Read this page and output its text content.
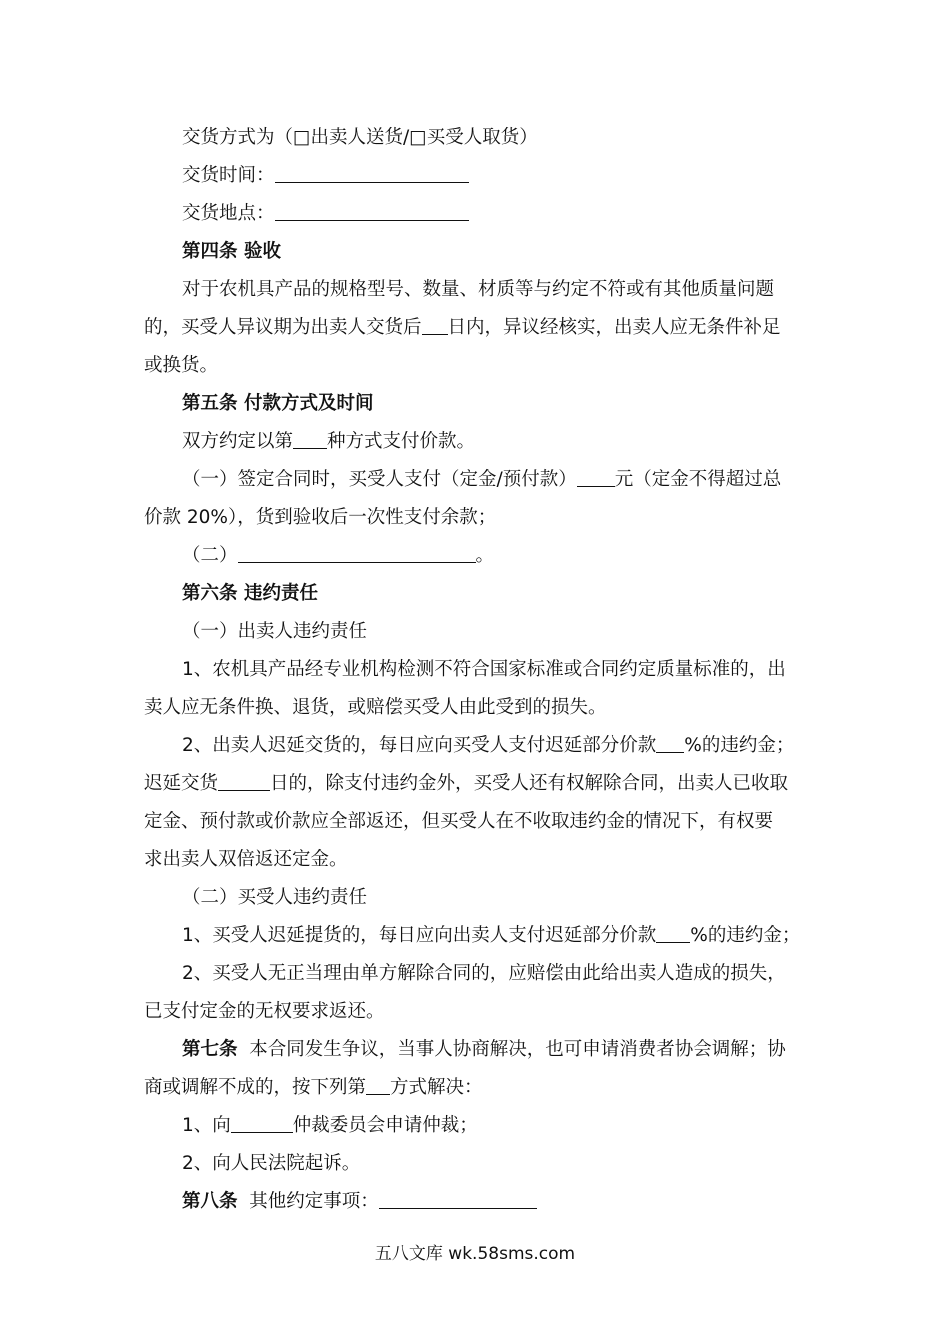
交货方式为（□出卖人送货/□买受人取货）
交货时间：
交货地点：
第四条 验收
对于农机具产品的规格型号、数量、材质等与约定不符或有其他质量问题
的，买受人异议期为出卖人交货后 日内，异议经核实，出卖人应无条件补足
或换货。
第五条 付款方式及时间
双方约定以第 种方式支付价款。
（一）签定合同时，买受人支付（定金/预付款） 元（定金不得超过总
价款 20%），货到验收后一次性支付余款；
（二）	。
第六条 违约责任
（一）出卖人违约责任
1、农机具产品经专业机构检测不符合国家标准或合同约定质量标准的，出
卖人应无条件换、退货，或赔偿买受人由此受到的损失。
2、出卖人迟延交货的，每日应向买受人支付迟延部分价款 %的违约金；
迟延交货	日的，除支付违约金外，买受人还有权解除合同，出卖人已收取
定金、预付款或价款应全部返还，但买受人在不收取违约金的情况下，有权要
求出卖人双倍返还定金。
（二）买受人违约责任
1、买受人迟延提货的，每日应向出卖人支付迟延部分价款 %的违约金；
2、买受人无正当理由单方解除合同的，应赔偿由此给出卖人造成的损失，
已支付定金的无权要求返还。
第七条 本合同发生争议，当事人协商解决，也可申请消费者协会调解；协
商或调解不成的，按下列第 方式解决：
1、向	仲裁委员会申请仲裁；
2、向人民法院起诉。
第八条 其他约定事项：
五八文库 wk.58sms.com
